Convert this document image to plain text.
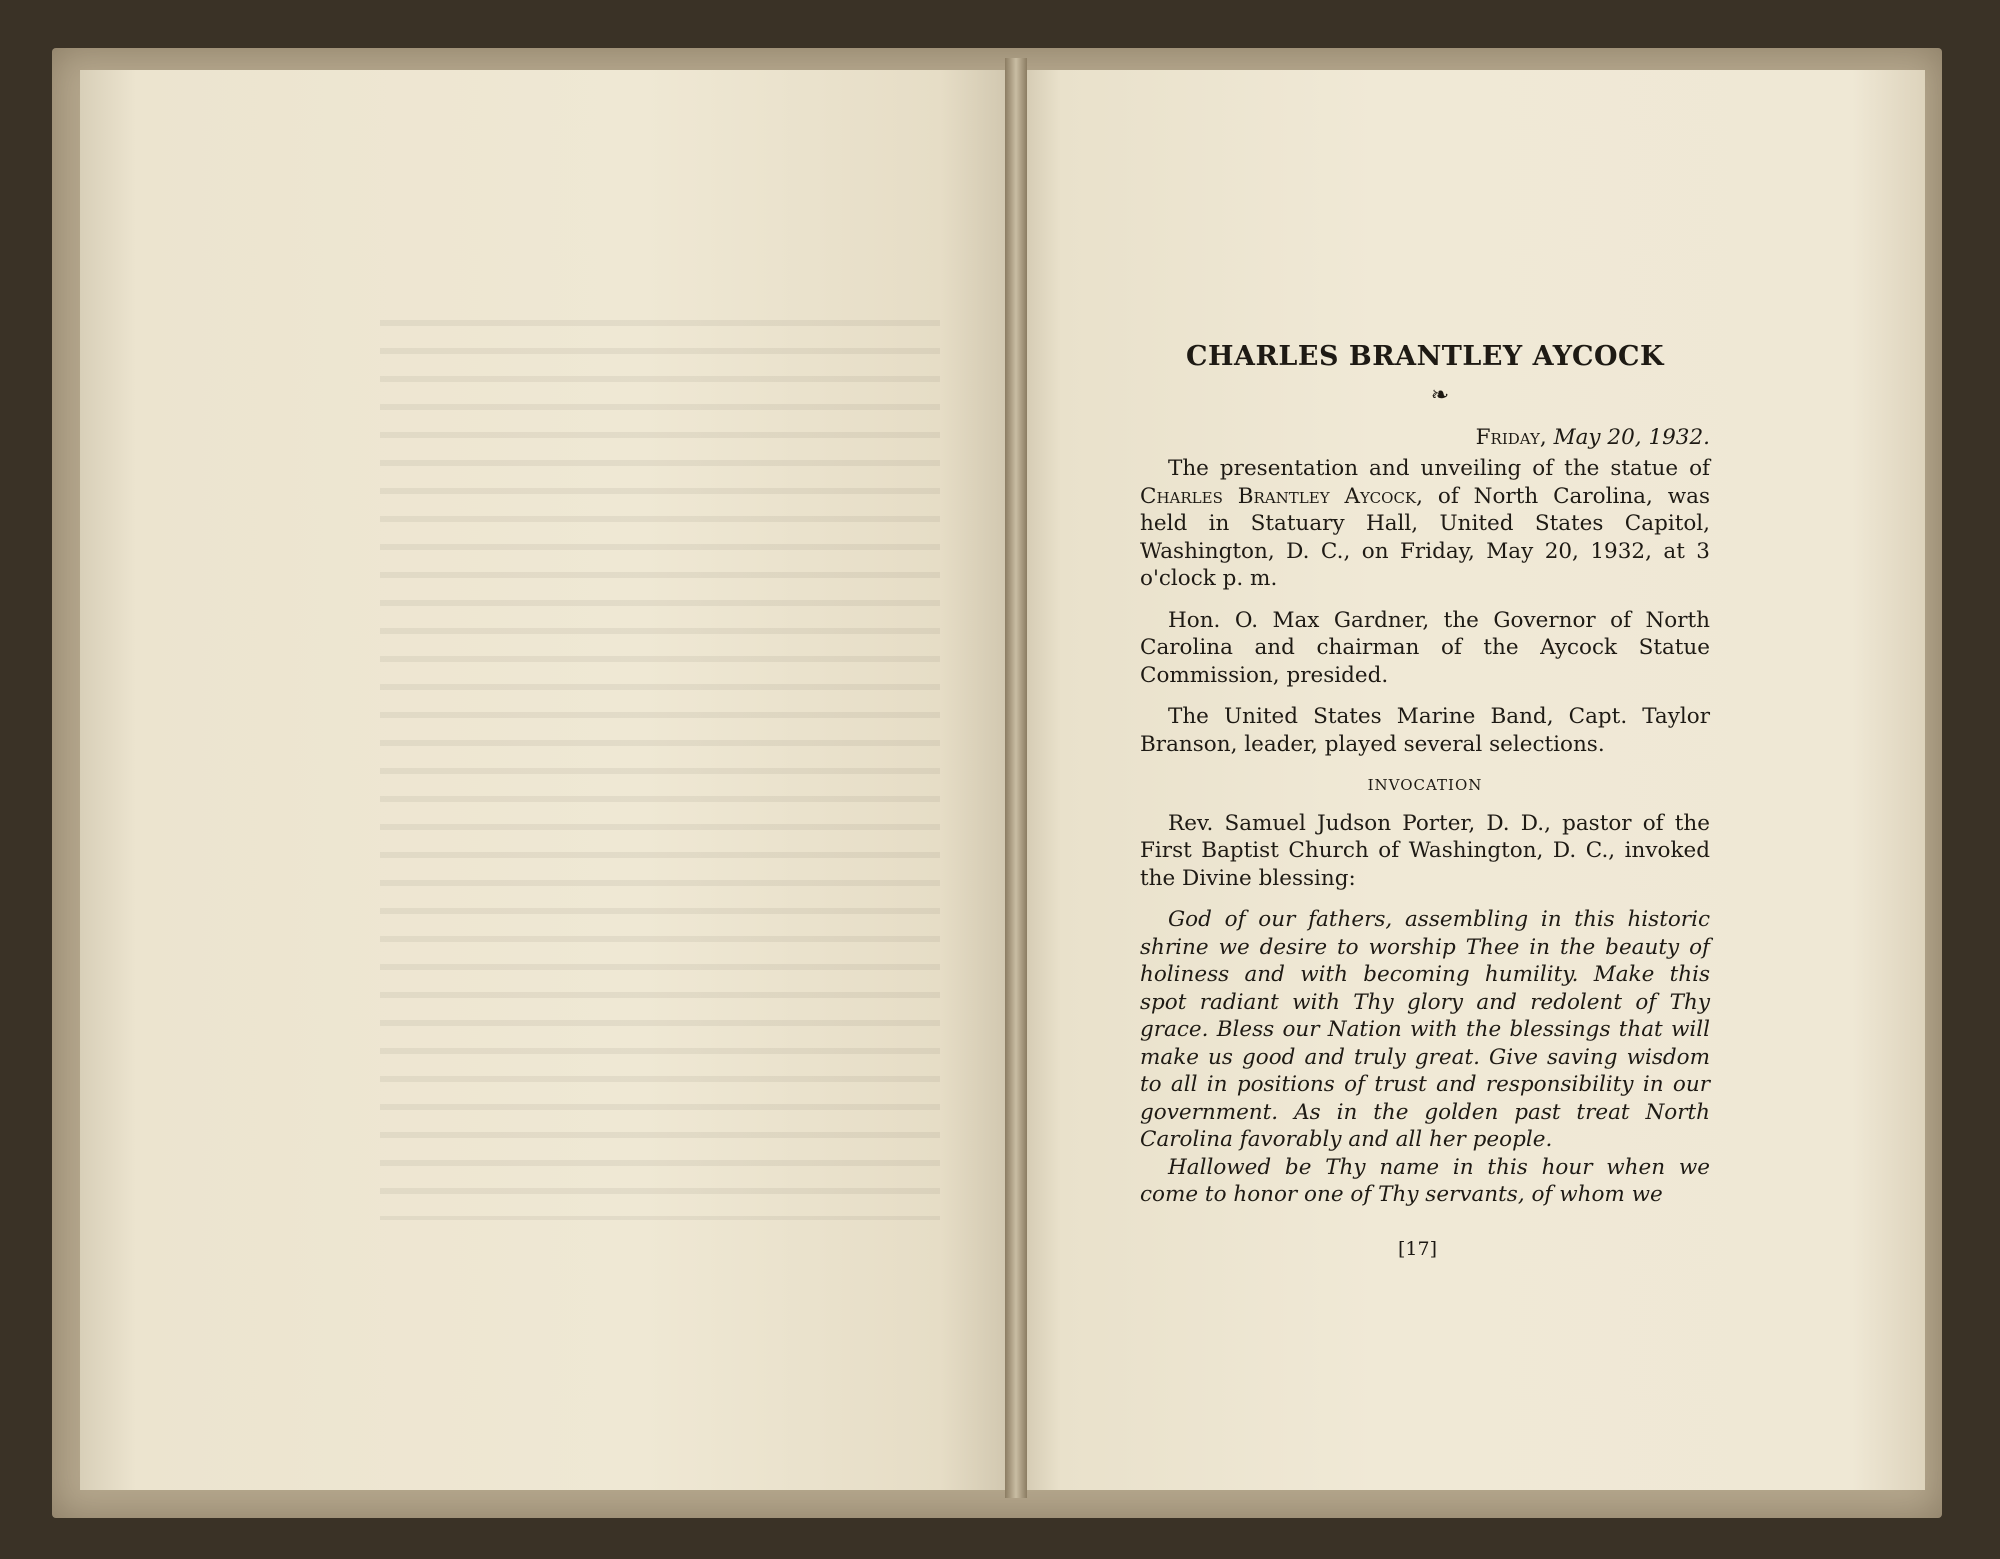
CHARLES BRANTLEY AYCOCK
❧
Friday, May 20, 1932.

The presentation and unveiling of the statue of Charles Brantley Aycock, of North Carolina, was held in Statuary Hall, United States Capitol, Washington, D. C., on Friday, May 20, 1932, at 3 o'clock p. m.

Hon. O. Max Gardner, the Governor of North Carolina and chairman of the Aycock Statue Commission, presided.

The United States Marine Band, Capt. Taylor Branson, leader, played several selections.

INVOCATION

Rev. Samuel Judson Porter, D. D., pastor of the First Baptist Church of Washington, D. C., invoked the Divine blessing:

God of our fathers, assembling in this historic shrine we desire to worship Thee in the beauty of holiness and with becoming humility. Make this spot radiant with Thy glory and redolent of Thy grace. Bless our Nation with the blessings that will make us good and truly great. Give saving wisdom to all in positions of trust and responsibility in our government. As in the golden past treat North Carolina favorably and all her people.

Hallowed be Thy name in this hour when we come to honor one of Thy servants, of whom we

[17]
